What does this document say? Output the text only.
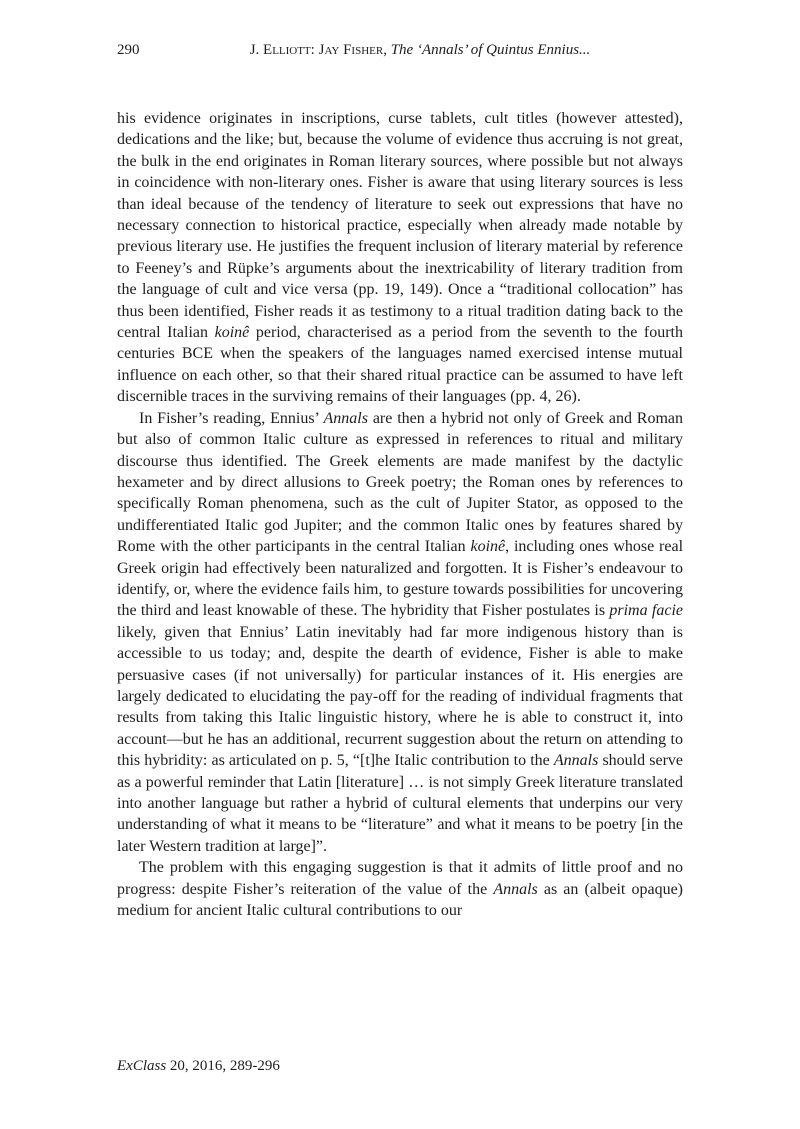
290	J. Elliott: Jay Fisher, The ‘Annals’ of Quintus Ennius...

his evidence originates in inscriptions, curse tablets, cult titles (however attested), dedications and the like; but, because the volume of evidence thus accruing is not great, the bulk in the end originates in Roman literary sources, where possible but not always in coincidence with non-literary ones. Fisher is aware that using literary sources is less than ideal because of the tendency of literature to seek out expressions that have no necessary connection to historical practice, especially when already made notable by previous literary use. He justifies the frequent inclusion of literary material by reference to Feeney’s and Rüpke’s arguments about the inextricability of literary tradition from the language of cult and vice versa (pp. 19, 149). Once a “traditional collocation” has thus been identified, Fisher reads it as testimony to a ritual tradition dating back to the central Italian koinê period, characterised as a period from the seventh to the fourth centuries BCE when the speakers of the languages named exercised intense mutual influence on each other, so that their shared ritual practice can be assumed to have left discernible traces in the surviving remains of their languages (pp. 4, 26).

In Fisher’s reading, Ennius’ Annals are then a hybrid not only of Greek and Roman but also of common Italic culture as expressed in references to ritual and military discourse thus identified. The Greek elements are made manifest by the dactylic hexameter and by direct allusions to Greek poetry; the Roman ones by references to specifically Roman phenomena, such as the cult of Jupiter Stator, as opposed to the undifferentiated Italic god Jupiter; and the common Italic ones by features shared by Rome with the other participants in the central Italian koinê, including ones whose real Greek origin had effectively been naturalized and forgotten. It is Fisher’s endeavour to identify, or, where the evidence fails him, to gesture towards possibilities for uncovering the third and least knowable of these. The hybridity that Fisher postulates is prima facie likely, given that Ennius’ Latin inevitably had far more indigenous history than is accessible to us today; and, despite the dearth of evidence, Fisher is able to make persuasive cases (if not universally) for particular instances of it. His energies are largely dedicated to elucidating the pay-off for the reading of individual fragments that results from taking this Italic linguistic history, where he is able to construct it, into account—but he has an additional, recurrent suggestion about the return on attending to this hybridity: as articulated on p. 5, “[t]he Italic contribution to the Annals should serve as a powerful reminder that Latin [literature] … is not simply Greek literature translated into another language but rather a hybrid of cultural elements that underpins our very understanding of what it means to be “literature” and what it means to be poetry [in the later Western tradition at large]”.

The problem with this engaging suggestion is that it admits of little proof and no progress: despite Fisher’s reiteration of the value of the Annals as an (albeit opaque) medium for ancient Italic cultural contributions to our

ExClass 20, 2016, 289-296
